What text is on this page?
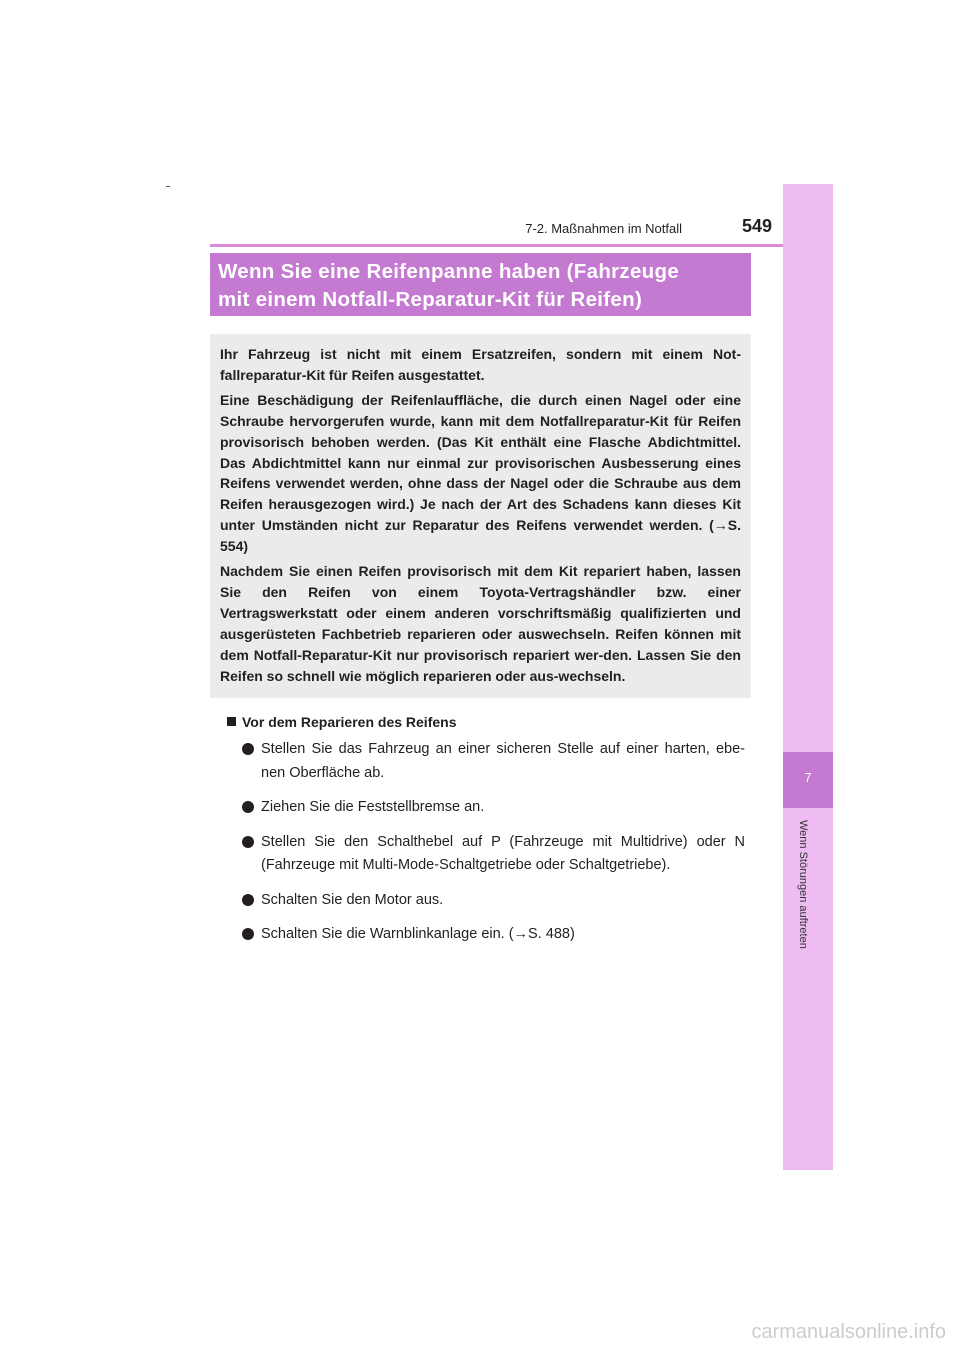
7-2. Maßnahmen im Notfall	549
7
Wenn Störungen auftreten
Wenn Sie eine Reifenpanne haben (Fahrzeuge
mit einem Notfall-Reparatur-Kit für Reifen)

Ihr Fahrzeug ist nicht mit einem Ersatzreifen, sondern mit einem Not-fallreparatur-Kit für Reifen ausgestattet.

Eine Beschädigung der Reifenlauffläche, die durch einen Nagel oder eine Schraube hervorgerufen wurde, kann mit dem Notfallreparatur-Kit für Reifen provisorisch behoben werden. (Das Kit enthält eine Flasche Abdichtmittel. Das Abdichtmittel kann nur einmal zur provisorischen Ausbesserung eines Reifens verwendet werden, ohne dass der Nagel oder die Schraube aus dem Reifen herausgezogen wird.) Je nach der Art des Schadens kann dieses Kit unter Umständen nicht zur Reparatur des Reifens verwendet werden. (→S. 554)

Nachdem Sie einen Reifen provisorisch mit dem Kit repariert haben, lassen Sie den Reifen von einem Toyota-Vertragshändler bzw. einer Vertragswerkstatt oder einem anderen vorschriftsmäßig qualifizierten und ausgerüsteten Fachbetrieb reparieren oder auswechseln. Reifen können mit dem Notfall-Reparatur-Kit nur provisorisch repariert wer-den. Lassen Sie den Reifen so schnell wie möglich reparieren oder aus-wechseln.

Vor dem Reparieren des Reifens
Stellen Sie das Fahrzeug an einer sicheren Stelle auf einer harten, ebe-nen Oberfläche ab.
Ziehen Sie die Feststellbremse an.
Stellen Sie den Schalthebel auf P (Fahrzeuge mit Multidrive) oder N (Fahrzeuge mit Multi-Mode-Schaltgetriebe oder Schaltgetriebe).
Schalten Sie den Motor aus.
Schalten Sie die Warnblinkanlage ein. (→S. 488)
carmanualsonline.info
